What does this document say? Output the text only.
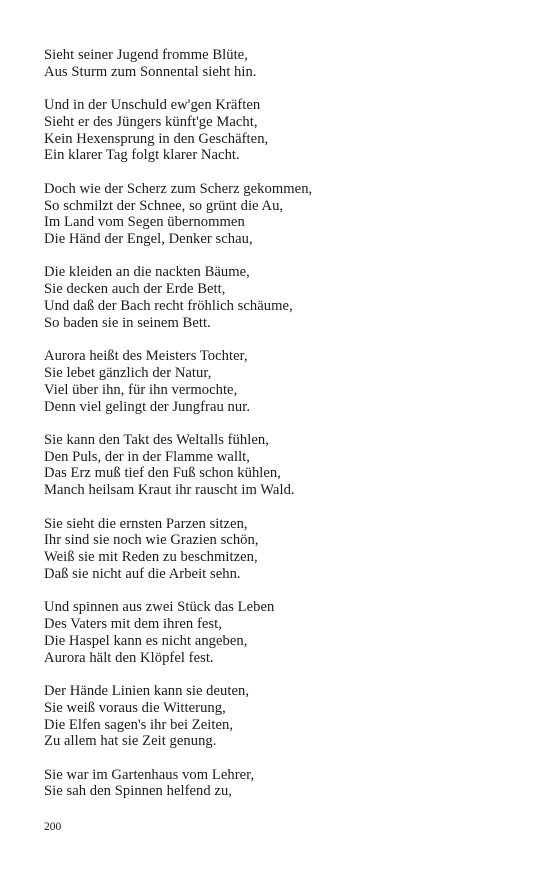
Sieht seiner Jugend fromme Blüte,
Aus Sturm zum Sonnental sieht hin.
Und in der Unschuld ew'gen Kräften
Sieht er des Jüngers künft'ge Macht,
Kein Hexensprung in den Geschäften,
Ein klarer Tag folgt klarer Nacht.
Doch wie der Scherz zum Scherz gekommen,
So schmilzt der Schnee, so grünt die Au,
Im Land vom Segen übernommen
Die Händ der Engel, Denker schau,
Die kleiden an die nackten Bäume,
Sie decken auch der Erde Bett,
Und daß der Bach recht fröhlich schäume,
So baden sie in seinem Bett.
Aurora heißt des Meisters Tochter,
Sie lebet gänzlich der Natur,
Viel über ihn, für ihn vermochte,
Denn viel gelingt der Jungfrau nur.
Sie kann den Takt des Weltalls fühlen,
Den Puls, der in der Flamme wallt,
Das Erz muß tief den Fuß schon kühlen,
Manch heilsam Kraut ihr rauscht im Wald.
Sie sieht die ernsten Parzen sitzen,
Ihr sind sie noch wie Grazien schön,
Weiß sie mit Reden zu beschmitzen,
Daß sie nicht auf die Arbeit sehn.
Und spinnen aus zwei Stück das Leben
Des Vaters mit dem ihren fest,
Die Haspel kann es nicht angeben,
Aurora hält den Klöpfel fest.
Der Hände Linien kann sie deuten,
Sie weiß voraus die Witterung,
Die Elfen sagen's ihr bei Zeiten,
Zu allem hat sie Zeit genung.
Sie war im Gartenhaus vom Lehrer,
Sie sah den Spinnen helfend zu,
200
